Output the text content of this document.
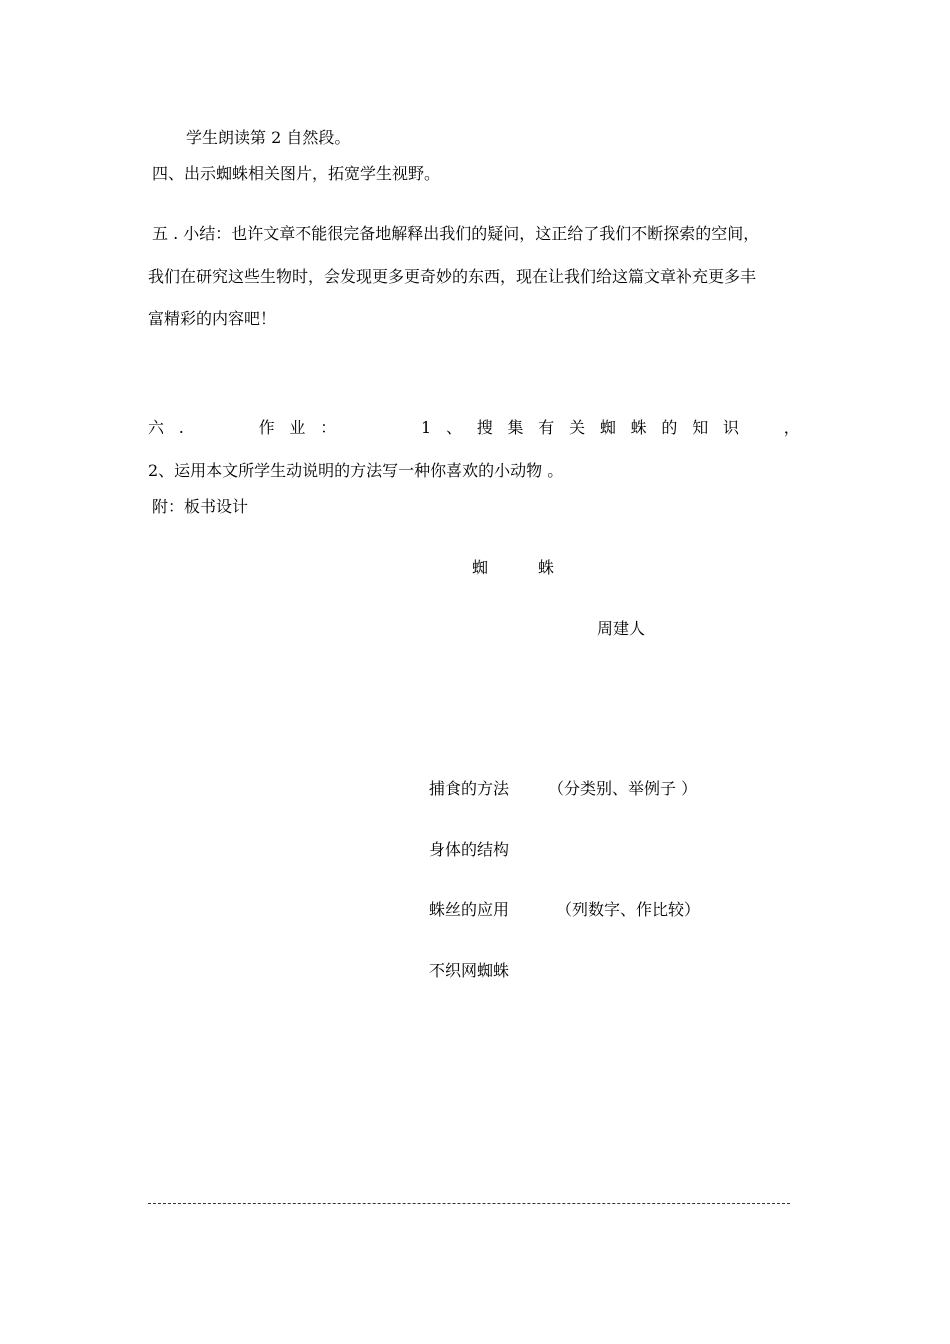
学生朗读第 2 自然段。
四、出示蜘蛛相关图片，拓宽学生视野。
五 . 小结：也许文章不能很完备地解释出我们的疑问，这正给了我们不断探索的空间，
我们在研究这些生物时，会发现更多更奇妙的东西，现在让我们给这篇文章补充更多丰
富精彩的内容吧！
六 .	作 业 ：	1 、 搜 集 有 关 蜘 蛛 的 知 识	，
2、运用本文所学生动说明的方法写一种你喜欢的小动物 。
附：板书设计
蜘	蛛
周建人
捕食的方法 （分类别、举例子 ）
身体的结构
蛛丝的应用	（列数字、作比较）
不织网蜘蛛
